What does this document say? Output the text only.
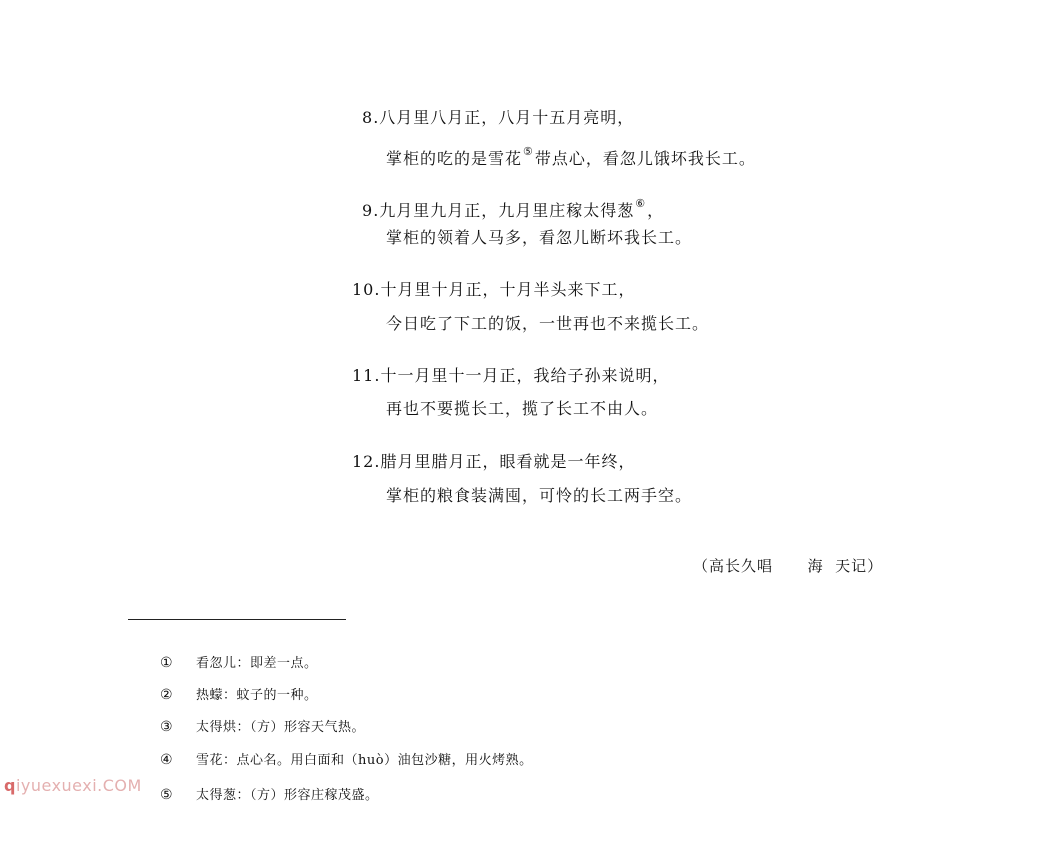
8.八月里八月正，八月十五月亮明，
掌柜的吃的是雪花⑤带点心，看忽儿饿坏我长工。
9.九月里九月正，九月里庄稼太得葱⑥，
掌柜的领着人马多，看忽儿断坏我长工。
10.十月里十月正，十月半头来下工，
今日吃了下工的饭，一世再也不来揽长工。
11.十一月里十一月正，我给子孙来说明，
再也不要揽长工，揽了长工不由人。
12.腊月里腊月正，眼看就是一年终，
掌柜的粮食装满囤，可怜的长工两手空。
（高长久唱      海  天记）
① 看忽儿：即差一点。
② 热蠓：蚊子的一种。
③ 太得烘：（方）形容天气热。
④ 雪花：点心名。用白面和（huò）油包沙糖，用火烤熟。
⑤ 太得葱：（方）形容庄稼茂盛。
qiyuexuexi.COM
